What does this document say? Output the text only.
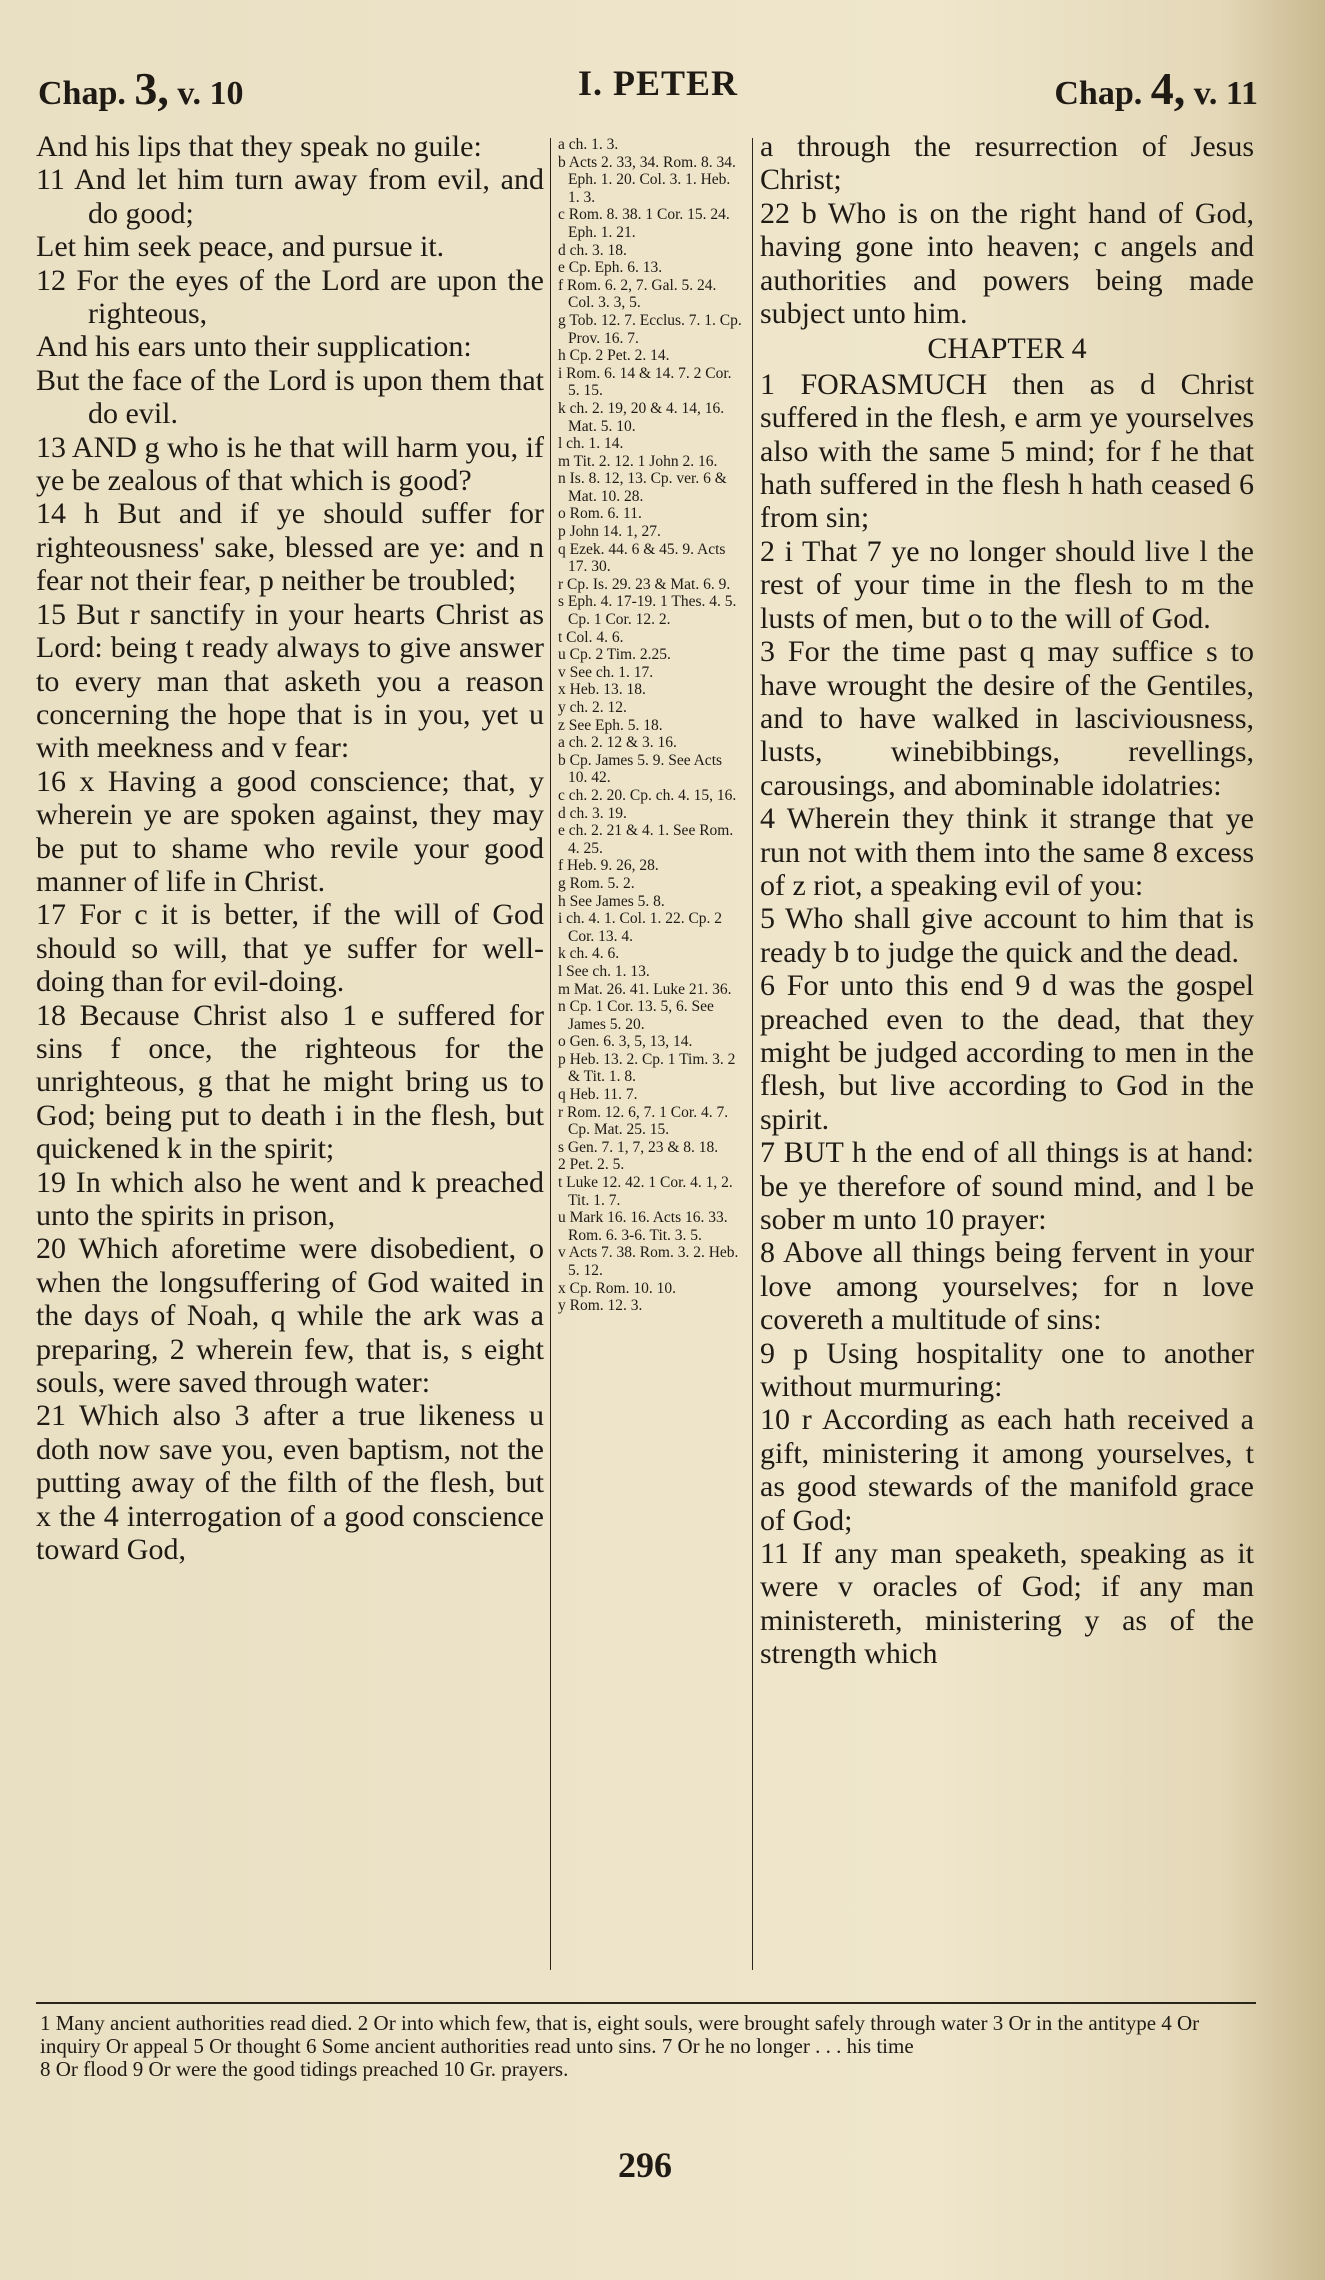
Chap. 3, v. 10	I. PETER	Chap. 4, v. 11

And his lips that they speak no guile:

11 And let him turn away from evil, and do good;

Let him seek peace, and pursue it.

12 For the eyes of the Lord are upon the righteous,

And his ears unto their supplication:

But the face of the Lord is upon them that do evil.

13 AND g who is he that will harm you, if ye be zealous of that which is good?

14 h But and if ye should suffer for righteousness' sake, blessed are ye: and n fear not their fear, p neither be troubled;

15 But r sanctify in your hearts Christ as Lord: being t ready always to give answer to every man that asketh you a reason concerning the hope that is in you, yet u with meekness and v fear:

16 x Having a good conscience; that, y wherein ye are spoken against, they may be put to shame who revile your good manner of life in Christ.

17 For c it is better, if the will of God should so will, that ye suffer for well-doing than for evil-doing.

18 Because Christ also 1 e suffered for sins f once, the righteous for the unrighteous, g that he might bring us to God; being put to death i in the flesh, but quickened k in the spirit;

19 In which also he went and k preached unto the spirits in prison,

20 Which aforetime were disobedient, o when the longsuffering of God waited in the days of Noah, q while the ark was a preparing, 2 wherein few, that is, s eight souls, were saved through water:

21 Which also 3 after a true likeness u doth now save you, even baptism, not the putting away of the filth of the flesh, but x the 4 interrogation of a good conscience toward God,

a ch. 1. 3.
b Acts 2. 33, 34. Rom. 8. 34. Eph. 1. 20. Col. 3. 1. Heb. 1. 3.
c Rom. 8. 38. 1 Cor. 15. 24. Eph. 1. 21.
d ch. 3. 18.
e Cp. Eph. 6. 13.
f Rom. 6. 2, 7. Gal. 5. 24. Col. 3. 3, 5.
g Tob. 12. 7. Ecclus. 7. 1. Cp. Prov. 16. 7.
h Cp. 2 Pet. 2. 14.
i Rom. 6. 14 & 14. 7. 2 Cor. 5. 15.
k ch. 2. 19, 20 & 4. 14, 16. Mat. 5. 10.
l ch. 1. 14.
m Tit. 2. 12. 1 John 2. 16.
n Is. 8. 12, 13. Cp. ver. 6 & Mat. 10. 28.
o Rom. 6. 11.
p John 14. 1, 27.
q Ezek. 44. 6 & 45. 9. Acts 17. 30.
r Cp. Is. 29. 23 & Mat. 6. 9.
s Eph. 4. 17-19. 1 Thes. 4. 5. Cp. 1 Cor. 12. 2.
t Col. 4. 6.
u Cp. 2 Tim. 2.25.
v See ch. 1. 17.
x Heb. 13. 18.
y ch. 2. 12.
z See Eph. 5. 18.
a ch. 2. 12 & 3. 16.
b Cp. James 5. 9. See Acts 10. 42.
c ch. 2. 20. Cp. ch. 4. 15, 16.
d ch. 3. 19.
e ch. 2. 21 & 4. 1. See Rom. 4. 25.
f Heb. 9. 26, 28.
g Rom. 5. 2.
h See James 5. 8.
i ch. 4. 1. Col. 1. 22. Cp. 2 Cor. 13. 4.
k ch. 4. 6.
l See ch. 1. 13.
m Mat. 26. 41. Luke 21. 36.
n Cp. 1 Cor. 13. 5, 6. See James 5. 20.
o Gen. 6. 3, 5, 13, 14.
p Heb. 13. 2. Cp. 1 Tim. 3. 2 & Tit. 1. 8.
q Heb. 11. 7.
r Rom. 12. 6, 7. 1 Cor. 4. 7. Cp. Mat. 25. 15.
s Gen. 7. 1, 7, 23 & 8. 18.
2 Pet. 2. 5.
t Luke 12. 42. 1 Cor. 4. 1, 2. Tit. 1. 7.
u Mark 16. 16. Acts 16. 33. Rom. 6. 3-6. Tit. 3. 5.
v Acts 7. 38. Rom. 3. 2. Heb. 5. 12.
x Cp. Rom. 10. 10.
y Rom. 12. 3.

a through the resurrection of Jesus Christ;

22 b Who is on the right hand of God, having gone into heaven; c angels and authorities and powers being made subject unto him.

CHAPTER 4

1 FORASMUCH then as d Christ suffered in the flesh, e arm ye yourselves also with the same 5 mind; for f he that hath suffered in the flesh h hath ceased 6 from sin;

2 i That 7 ye no longer should live l the rest of your time in the flesh to m the lusts of men, but o to the will of God.

3 For the time past q may suffice s to have wrought the desire of the Gentiles, and to have walked in lasciviousness, lusts, winebibbings, revellings, carousings, and abominable idolatries:

4 Wherein they think it strange that ye run not with them into the same 8 excess of z riot, a speaking evil of you:

5 Who shall give account to him that is ready b to judge the quick and the dead.

6 For unto this end 9 d was the gospel preached even to the dead, that they might be judged according to men in the flesh, but live according to God in the spirit.

7 BUT h the end of all things is at hand: be ye therefore of sound mind, and l be sober m unto 10 prayer:

8 Above all things being fervent in your love among yourselves; for n love covereth a multitude of sins:

9 p Using hospitality one to another without murmuring:

10 r According as each hath received a gift, ministering it among yourselves, t as good stewards of the manifold grace of God;

11 If any man speaketh, speaking as it were v oracles of God; if any man ministereth, ministering y as of the strength which

1 Many ancient authorities read died. 2 Or into which few, that is, eight souls, were brought safely through water 3 Or in the antitype 4 Or inquiry Or appeal 5 Or thought 6 Some ancient authorities read unto sins. 7 Or he no longer . . . his time

8 Or flood 9 Or were the good tidings preached 10 Gr. prayers.

296
